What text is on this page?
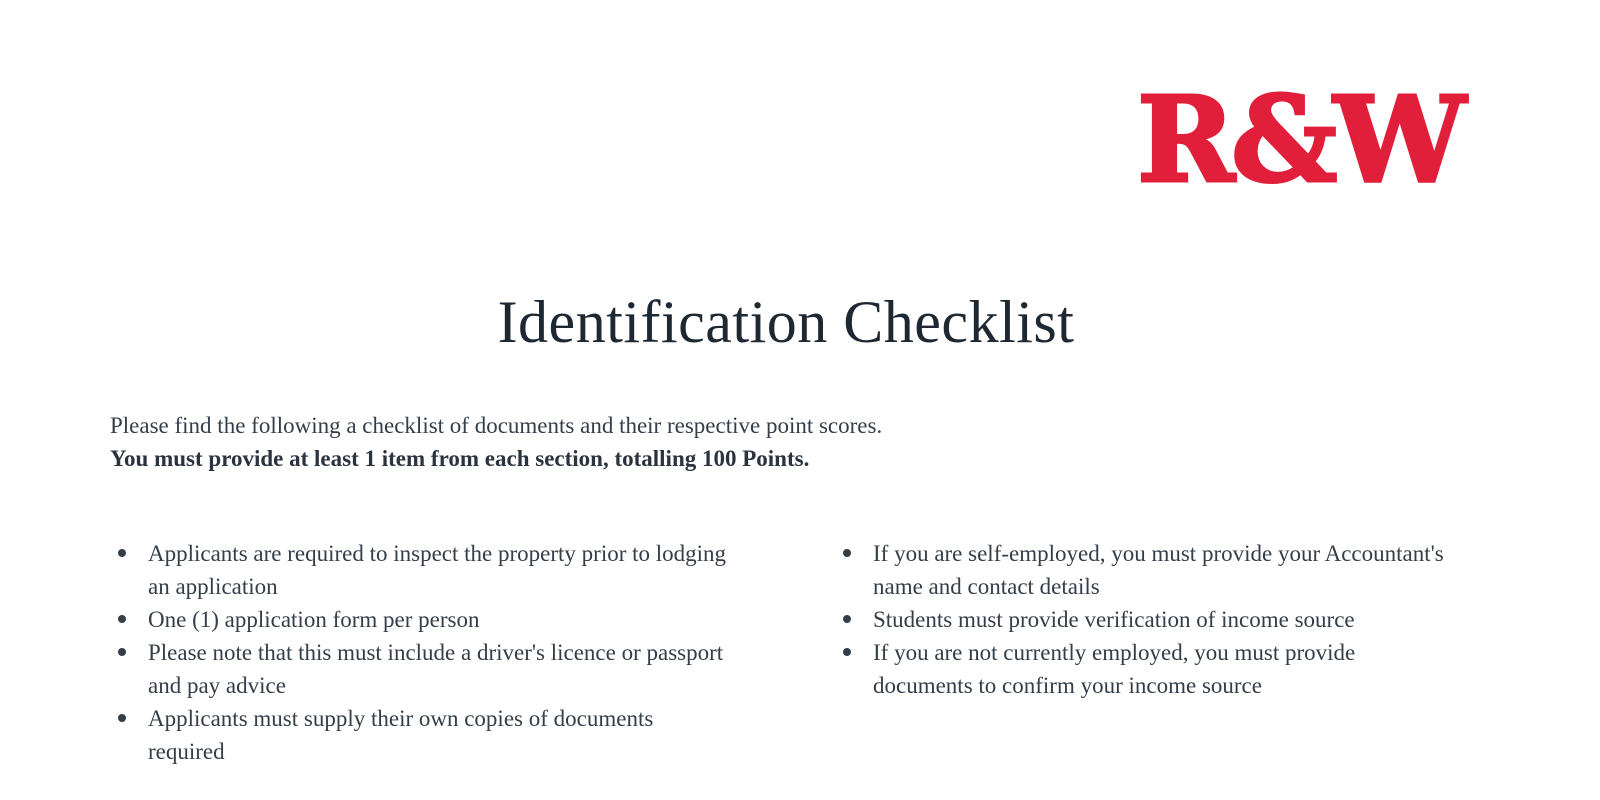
R&W
Identification Checklist
Please find the following a checklist of documents and their respective point scores.
You must provide at least 1 item from each section, totalling 100 Points.
Applicants are required to inspect the property prior to lodging an application
One (1) application form per person
Please note that this must include a driver's licence or passport and pay advice
Applicants must supply their own copies of documents required
If you are self-employed, you must provide your Accountant's name and contact details
Students must provide verification of income source
If you are not currently employed, you must provide documents to confirm your income source
